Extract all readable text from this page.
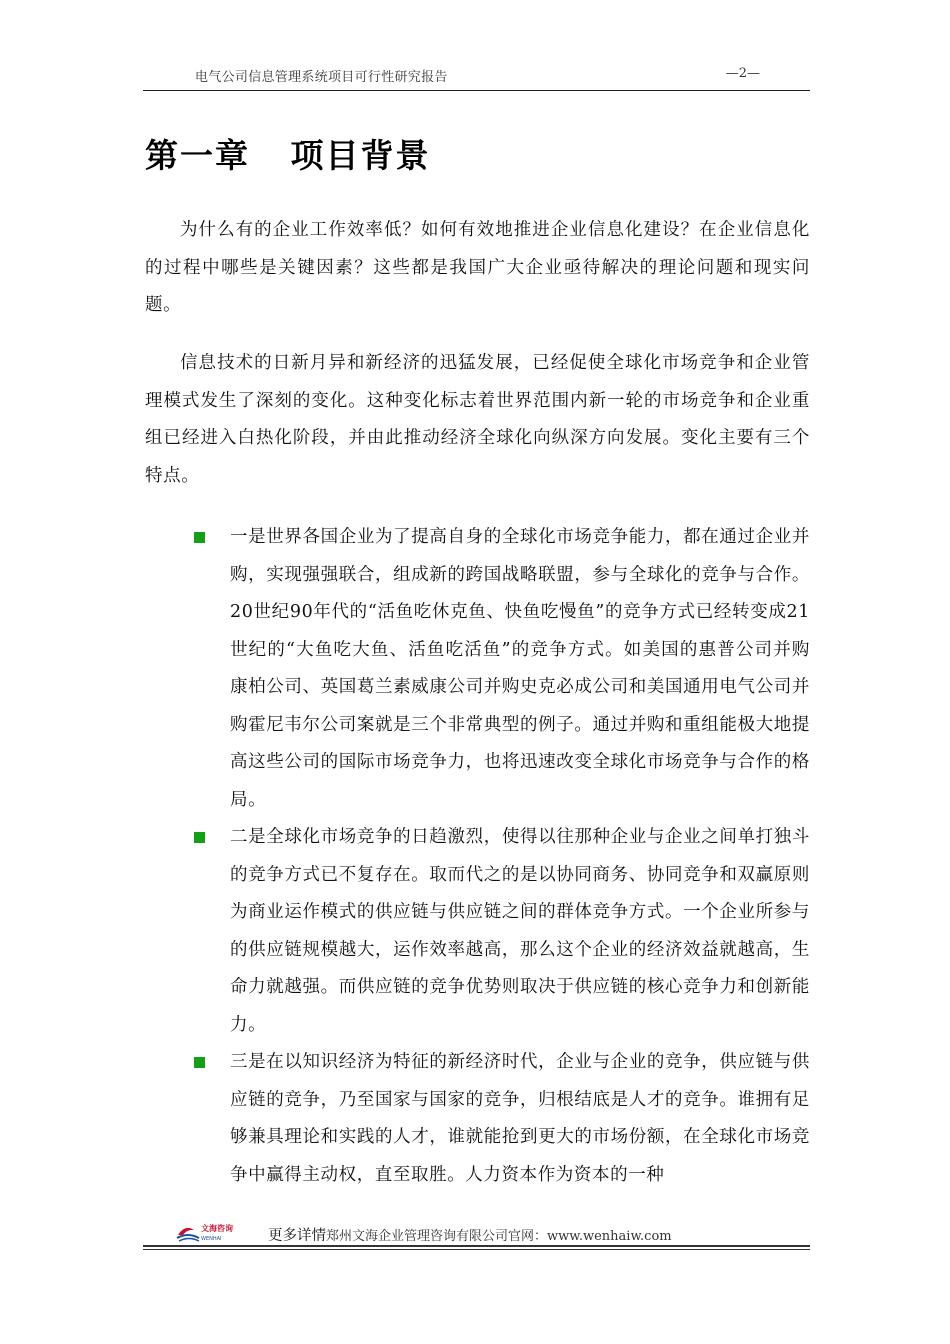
电气公司信息管理系统项目可行性研究报告	—2—
第一章   项目背景

为什么有的企业工作效率低？如何有效地推进企业信息化建设？在企业信息化的过程中哪些是关键因素？这些都是我国广大企业亟待解决的理论问题和现实问题。

信息技术的日新月异和新经济的迅猛发展，已经促使全球化市场竞争和企业管理模式发生了深刻的变化。这种变化标志着世界范围内新一轮的市场竞争和企业重组已经进入白热化阶段，并由此推动经济全球化向纵深方向发展。变化主要有三个特点。

一是世界各国企业为了提高自身的全球化市场竞争能力，都在通过企业并购，实现强强联合，组成新的跨国战略联盟，参与全球化的竞争与合作。20世纪90年代的“活鱼吃休克鱼、快鱼吃慢鱼”的竞争方式已经转变成21世纪的“大鱼吃大鱼、活鱼吃活鱼”的竞争方式。如美国的惠普公司并购康柏公司、英国葛兰素威康公司并购史克必成公司和美国通用电气公司并购霍尼韦尔公司案就是三个非常典型的例子。通过并购和重组能极大地提高这些公司的国际市场竞争力，也将迅速改变全球化市场竞争与合作的格局。

二是全球化市场竞争的日趋激烈，使得以往那种企业与企业之间单打独斗的竞争方式已不复存在。取而代之的是以协同商务、协同竞争和双赢原则为商业运作模式的供应链与供应链之间的群体竞争方式。一个企业所参与的供应链规模越大，运作效率越高，那么这个企业的经济效益就越高，生命力就越强。而供应链的竞争优势则取决于供应链的核心竞争力和创新能力。

三是在以知识经济为特征的新经济时代，企业与企业的竞争，供应链与供应链的竞争，乃至国家与国家的竞争，归根结底是人才的竞争。谁拥有足够兼具理论和实践的人才，谁就能抢到更大的市场份额，在全球化市场竞争中赢得主动权，直至取胜。人力资本作为资本的一种

文海咨询
WENHAI	更多详情郑州文海企业管理咨询有限公司官网：www.wenhaiw.com
